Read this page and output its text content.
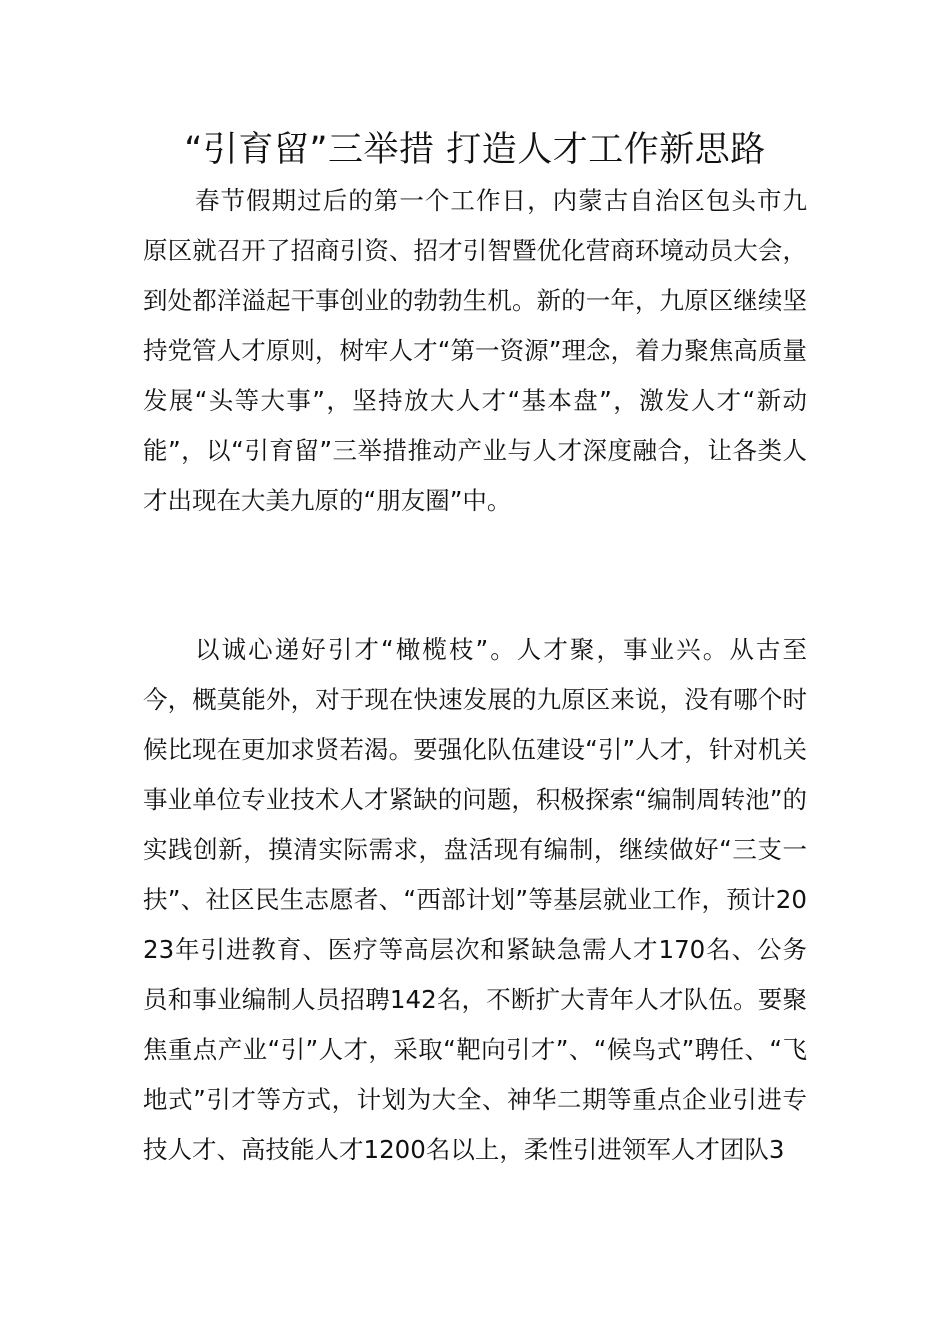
“引育留”三举措 打造人才工作新思路

春节假期过后的第一个工作日，内蒙古自治区包头市九原区就召开了招商引资、招才引智暨优化营商环境动员大会，到处都洋溢起干事创业的勃勃生机。新的一年，九原区继续坚持党管人才原则，树牢人才“第一资源”理念，着力聚焦高质量发展“头等大事”，坚持放大人才“基本盘”，激发人才“新动能”，以“引育留”三举措推动产业与人才深度融合，让各类人才出现在大美九原的“朋友圈”中。

以诚心递好引才“橄榄枝”。人才聚，事业兴。从古至今，概莫能外，对于现在快速发展的九原区来说，没有哪个时候比现在更加求贤若渴。要强化队伍建设“引”人才，针对机关事业单位专业技术人才紧缺的问题，积极探索“编制周转池”的实践创新，摸清实际需求，盘活现有编制，继续做好“三支一扶”、社区民生志愿者、“西部计划”等基层就业工作，预计2023年引进教育、医疗等高层次和紧缺急需人才170名、公务员和事业编制人员招聘142名，不断扩大青年人才队伍。要聚焦重点产业“引”人才，采取“靶向引才”、“候鸟式”聘任、“飞地式”引才等方式，计划为大全、神华二期等重点企业引进专技人才、高技能人才1200名以上，柔性引进领军人才团队3
